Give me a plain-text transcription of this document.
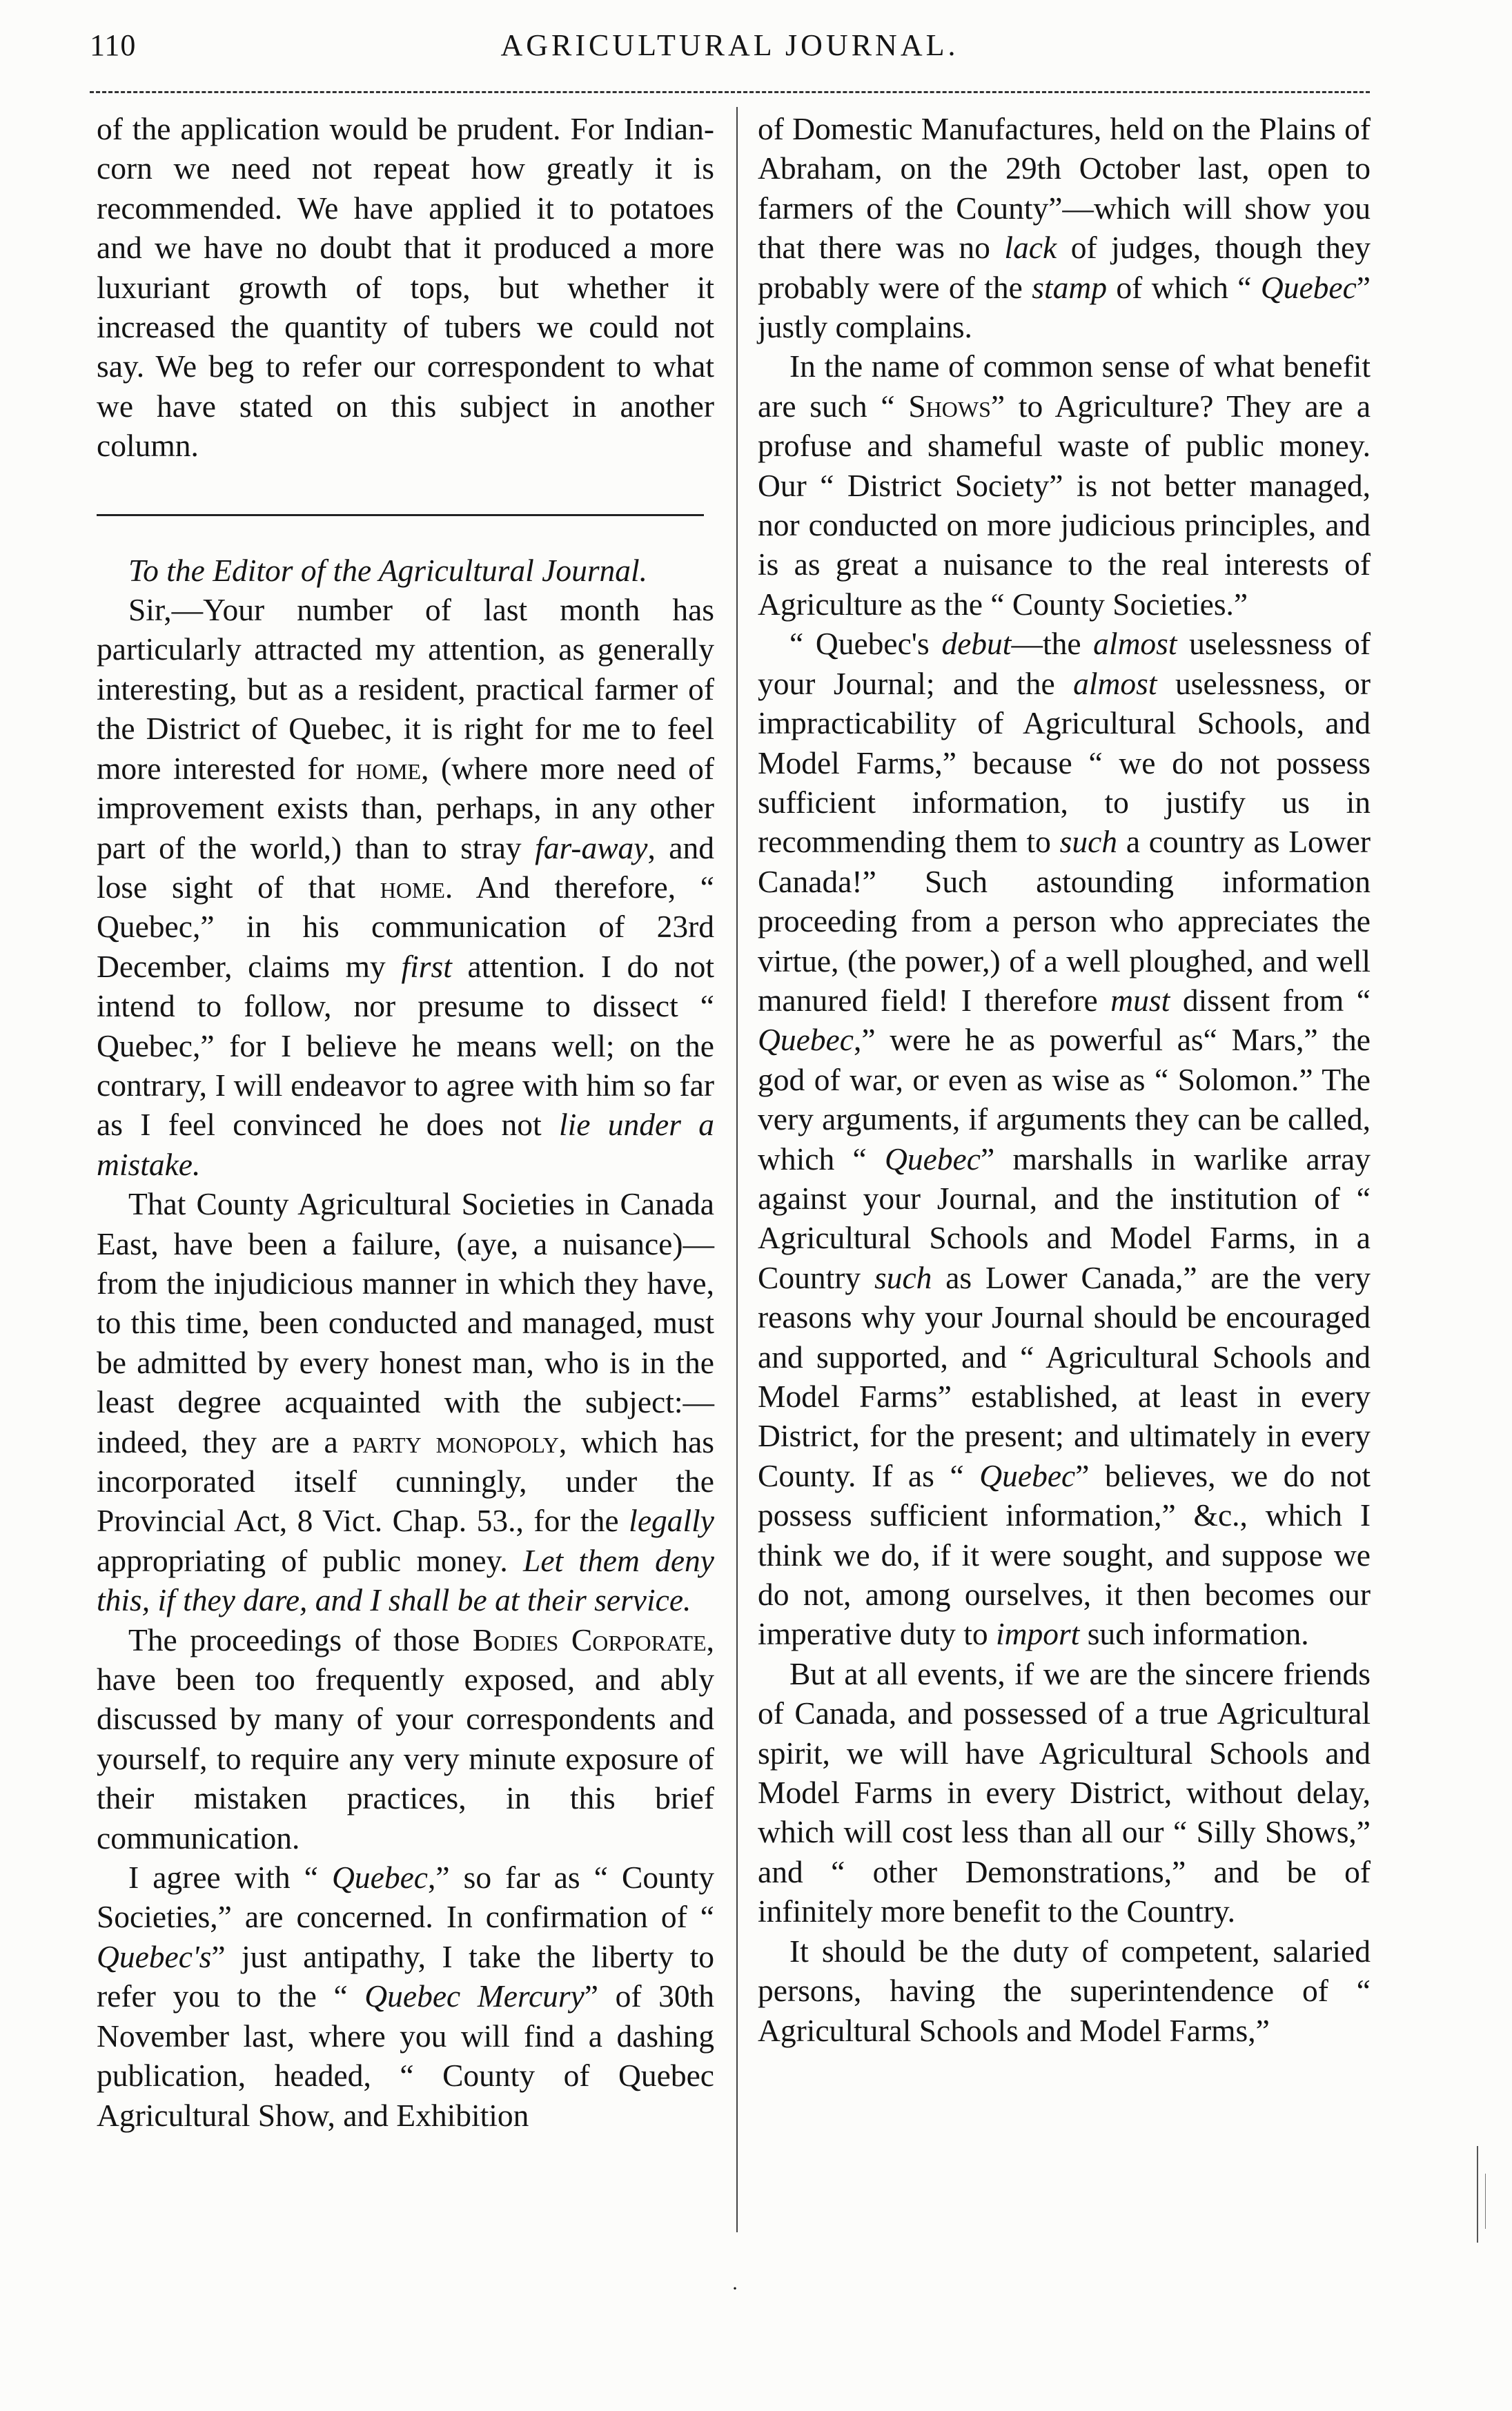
110	AGRICULTURAL JOURNAL.

of the application would be prudent. For Indian-corn we need not repeat how greatly it is recommended. We have applied it to potatoes and we have no doubt that it produced a more luxuriant growth of tops, but whether it increased the quantity of tubers we could not say. We beg to refer our correspondent to what we have stated on this subject in another column.

To the Editor of the Agricultural Journal.

Sir,—Your number of last month has particularly attracted my attention, as generally interesting, but as a resident, practical farmer of the District of Quebec, it is right for me to feel more interested for home, (where more need of improvement exists than, perhaps, in any other part of the world,) than to stray far-away, and lose sight of that home. And therefore, “ Quebec,” in his communication of 23rd December, claims my first attention. I do not intend to follow, nor presume to dissect “ Quebec,” for I believe he means well; on the contrary, I will endeavor to agree with him so far as I feel convinced he does not lie under a mistake.

That County Agricultural Societies in Canada East, have been a failure, (aye, a nuisance)—from the injudicious manner in which they have, to this time, been conducted and managed, must be admitted by every honest man, who is in the least degree acquainted with the subject:—indeed, they are a party monopoly, which has incorporated itself cunningly, under the Provincial Act, 8 Vict. Chap. 53., for the legally appropriating of public money. Let them deny this, if they dare, and I shall be at their service.

The proceedings of those Bodies Corporate, have been too frequently exposed, and ably discussed by many of your correspondents and yourself, to require any very minute exposure of their mistaken practices, in this brief communication.

I agree with “ Quebec,” so far as “ County Societies,” are concerned. In confirmation of “ Quebec's” just antipathy, I take the liberty to refer you to the “ Quebec Mercury” of 30th November last, where you will find a dashing publication, headed, “ County of Quebec Agricultural Show, and Exhibition

of Domestic Manufactures, held on the Plains of Abraham, on the 29th October last, open to farmers of the County”—which will show you that there was no lack of judges, though they probably were of the stamp of which “ Quebec” justly complains.

In the name of common sense of what benefit are such “ Shows” to Agriculture? They are a profuse and shameful waste of public money. Our “ District Society” is not better managed, nor conducted on more judicious principles, and is as great a nuisance to the real interests of Agriculture as the “ County Societies.”

“ Quebec's debut—the almost uselessness of your Journal; and the almost uselessness, or impracticability of Agricultural Schools, and Model Farms,” because “ we do not possess sufficient information, to justify us in recommending them to such a country as Lower Canada!” Such astounding information proceeding from a person who appreciates the virtue, (the power,) of a well ploughed, and well manured field! I therefore must dissent from “ Quebec,” were he as powerful as“ Mars,” the god of war, or even as wise as “ Solomon.” The very arguments, if arguments they can be called, which “ Quebec” marshalls in warlike array against your Journal, and the institution of “ Agricultural Schools and Model Farms, in a Country such as Lower Canada,” are the very reasons why your Journal should be encouraged and supported, and “ Agricultural Schools and Model Farms” established, at least in every District, for the present; and ultimately in every County. If as “ Quebec” believes, we do not possess sufficient information,” &c., which I think we do, if it were sought, and suppose we do not, among ourselves, it then becomes our imperative duty to import such information.

But at all events, if we are the sincere friends of Canada, and possessed of a true Agricultural spirit, we will have Agricultural Schools and Model Farms in every District, without delay, which will cost less than all our “ Silly Shows,” and “ other Demonstrations,” and be of infinitely more benefit to the Country.

It should be the duty of competent, salaried persons, having the superintendence of “ Agricultural Schools and Model Farms,”

·
